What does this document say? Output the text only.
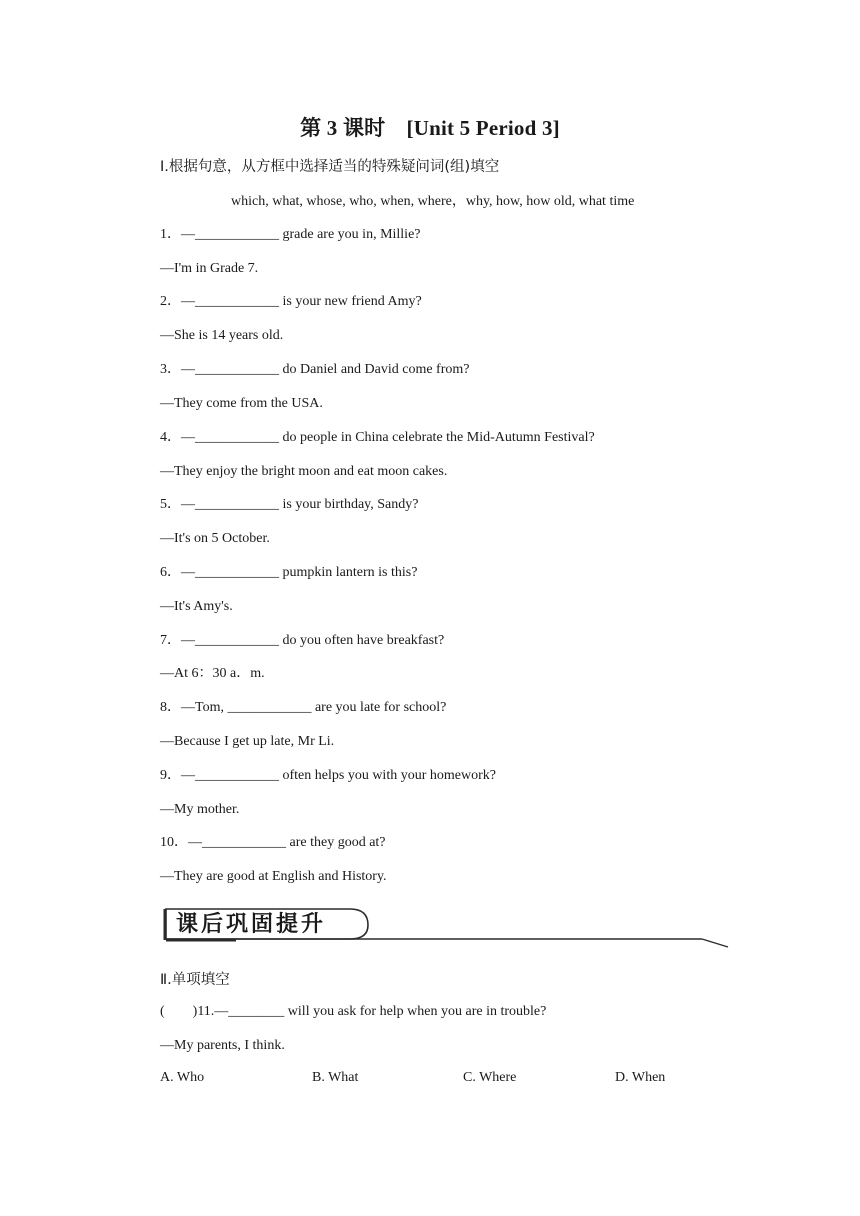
第 3 课时　[Unit 5 Period 3]
Ⅰ.根据句意，从方框中选择适当的特殊疑问词(组)填空
which, what, whose, who, when, where，why, how, how old, what time
1．—____________ grade are you in, Millie?
—I'm in Grade 7.
2．—____________ is your new friend Amy?
—She is 14 years old.
3．—____________ do Daniel and David come from?
—They come from the USA.
4．—____________ do people in China celebrate the Mid-Autumn Festival?
—They enjoy the bright moon and eat moon cakes.
5．—____________ is your birthday, Sandy?
—It's on 5 October.
6．—____________ pumpkin lantern is this?
—It's Amy's.
7．—____________ do you often have breakfast?
—At 6：30 a．m.
8．—Tom, ____________ are you late for school?
—Because I get up late, Mr Li.
9．—____________ often helps you with your homework?
—My mother.
10．—____________ are they good at?
—They are good at English and History.
课后巩固提升
Ⅱ.单项填空
(　　)11.—________ will you ask for help when you are in trouble?
—My parents, I think.
A. Who	B. What	C. Where	D. When
